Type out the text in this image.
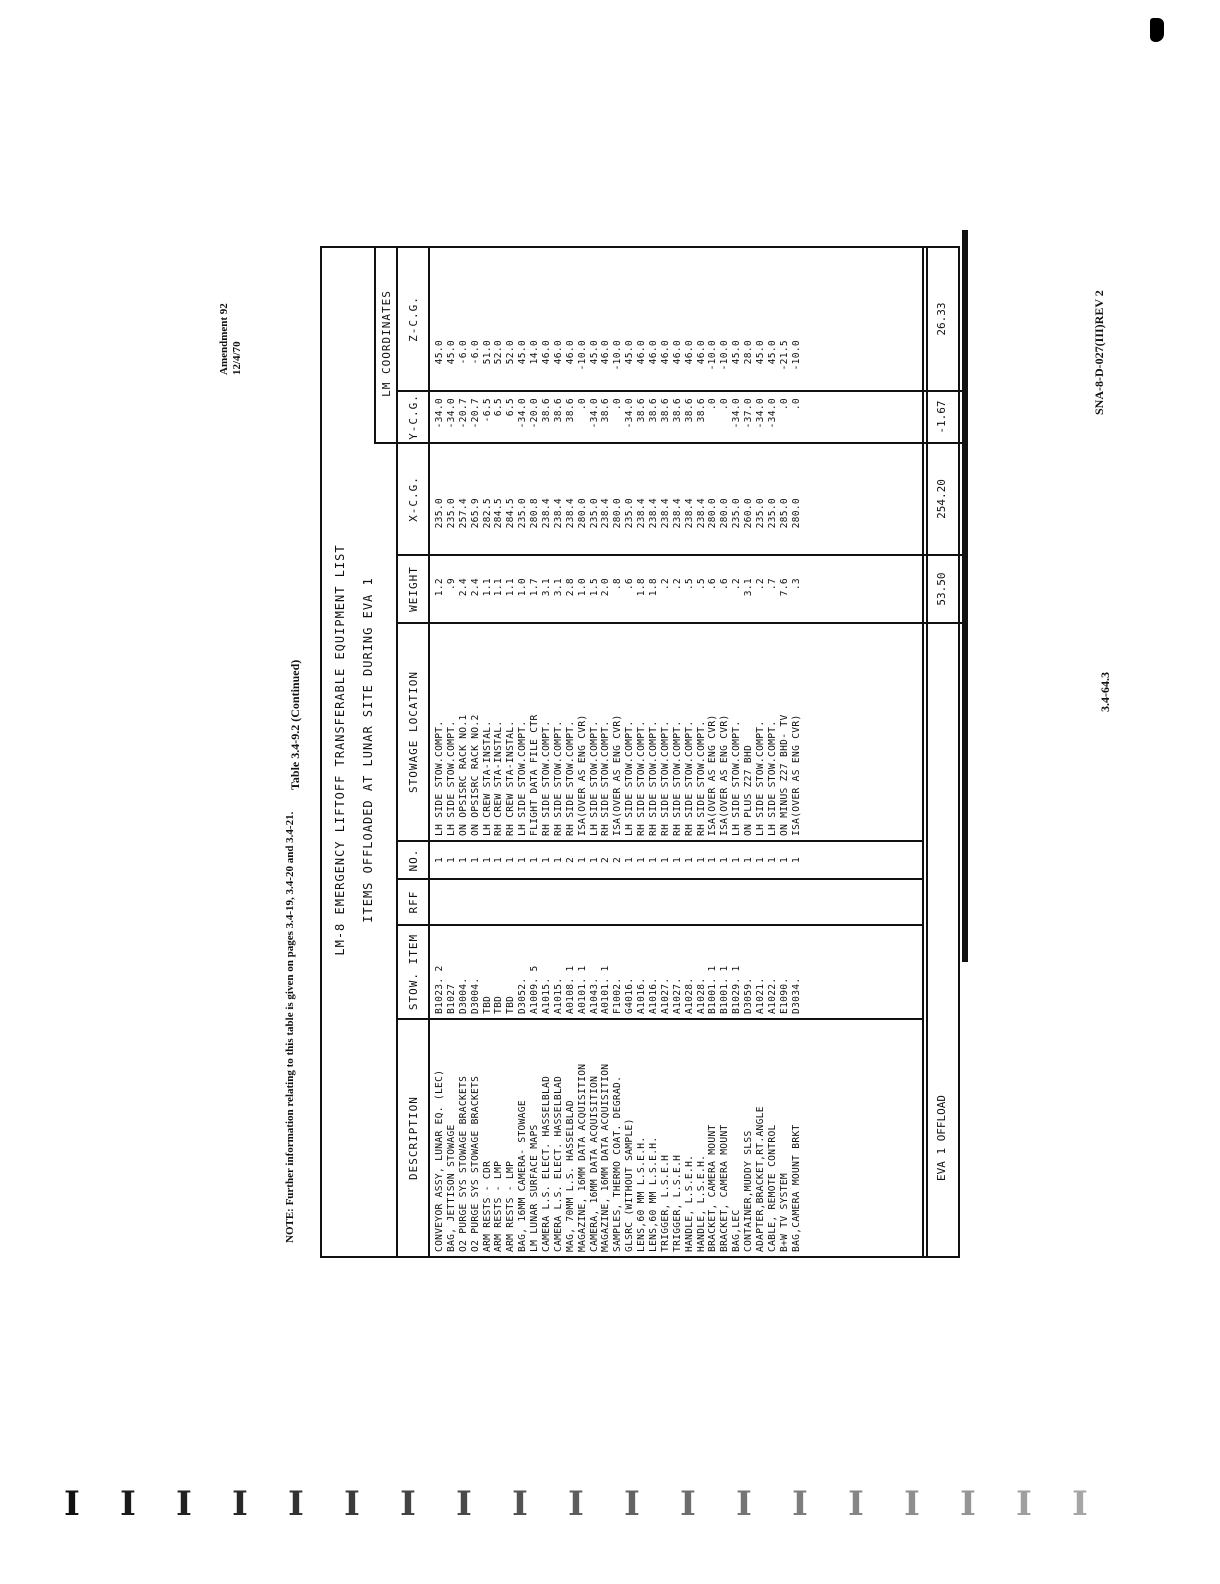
Amendment 92 12/4/70
Table 3.4-9.2 (Continued)
SNA-8-D-027(III)REV 2
3.4-64.3
NOTE: Further information relating to this table is given on pages 3.4-19, 3.4-20 and 3.4-21.
LM-8 EMERGENCY LIFTOFF TRANSFERABLE EQUIPMENT LIST	ITEMS OFFLOADED AT LUNAR SITE DURING EVA 1
LM COORDINATES
DESCRIPTION
STOW. ITEM
RFF
NO.
STOWAGE LOCATION
WEIGHT
X-C.G.
Y-C.G.
Z-C.G.
CONVEYOR ASSY, LUNAR EQ. (LEC) BAG, JETTISON STOWAGE O2 PURGE SYS STOWAGE BRACKETS O2 PURGE SYS STOWAGE BRACKETS ARM RESTS - CDR ARM RESTS - LMP ARM RESTS - LMP BAG, 16MM CAMERA- STOWAGE LM LUNAR SURFACE MAPS CAMERA L.S. ELECT. HASSELBLAD CAMERA L.S. ELECT. HASSELBLAD MAG, 70MM L.S. HASSELBLAD MAGAZINE, 16MM DATA ACQUISITION CAMERA, 16MM DATA ACQUISITION MAGAZINE, 16MM DATA ACQUISITION SAMPLES, THERMO COAT. DEGRAD. GLSRC (WITHOUT SAMPLE) LENS,60 MM L.S.E.H. LENS,60 MM L.S.E.H. TRIGGER, L.S.E.H TRIGGER, L.S.E.H HANDLE, L.S.E.H. HANDLE, L.S.E.H. BRACKET, CAMERA MOUNT BRACKET, CAMERA MOUNT BAG,LEC CONTAINER,MUDDY SLSS ADAPTER,BRACKET,RT.ANGLE CABLE, REMOTE CONTROL B+W TV SYSTEM BAG,CAMERA MOUNT BRKT
B1023. 2 B1027 D3004. D3004. TBD TBD TBD D3052. A1009. 5 A1015. A1015. A0108. 1 A0101. 1 A1043. A0101. 1 F1002. G4016. A1016. A1016. A1027. A1027. A1028. A1028. B1001. 1 B1001. 1 B1029. 1 D3059. A1021. A1022. E1090. D3034.
1 1 1 1 1 1 1 1 1 1 1 2 1 1 2 2 1 1 1 1 1 1 1 1 1 1 1 1 1 1 1
LH SIDE STOW.COMPT. LH SIDE STOW.COMPT. ON OPSISRC RACK NO.1 ON OPSISRC RACK NO.2 LH CREW STA-INSTAL. RH CREW STA-INSTAL. RH CREW STA-INSTAL. LH SIDE STOW.COMPT. FLIGHT DATA FILE CTR RH SIDE STOW.COMPT. RH SIDE STOW.COMPT. RH SIDE STOW.COMPT. ISA(OVER AS ENG CVR) LH SIDE STOW.COMPT. RH SIDE STOW.COMPT. ISA(OVER AS ENG CVR) LH SIDE STOW.COMPT. RH SIDE STOW.COMPT. RH SIDE STOW.COMPT. RH SIDE STOW.COMPT. RH SIDE STOW.COMPT. RH SIDE STOW.COMPT. RH SIDE STOW.COMPT. ISA(OVER AS ENG CVR) ISA(OVER AS ENG CVR) LH SIDE STOW.COMPT. ON PLUS Z27 BHD LH SIDE STOW.COMPT. LH SIDE STOW.COMPT. ON MINUS Z27 BHD- TV ISA(OVER AS ENG CVR)
1.2 .9 2.4 2.4 1.1 1.1 1.1 1.0 1.7 3.1 3.1 2.8 1.0 1.5 2.0 .8 .6 1.8 1.8 .2 .2 .5 .5 .6 .6 .2 3.1 .2 .7 7.6 .3
235.0 235.0 257.4 265.9 282.5 284.5 284.5 235.0 280.8 238.4 238.4 238.4 280.0 235.0 238.4 280.0 235.0 238.4 238.4 238.4 238.4 238.4 238.4 280.0 280.0 235.0 260.0 235.0 235.0 285.0 280.0
-34.0 -34.0 -20.7 -20.7 -6.5 6.5 6.5 -34.0 -20.0 38.6 38.6 38.6 .0 -34.0 38.6 .0 -34.0 38.6 38.6 38.6 38.6 38.6 38.6 .0 .0 -34.0 -37.0 -34.0 -34.0 .0 .0
45.0 45.0 -6.0 -6.0 51.0 52.0 52.0 45.0 14.0 46.0 46.0 46.0 -10.0 45.0 46.0 -10.0 45.0 46.0 46.0 46.0 46.0 46.0 46.0 -10.0 -10.0 45.0 28.0 45.0 45.0 -21.5 -10.0
EVA 1 OFFLOAD
53.50
254.20
-1.67
26.33
I I I I I I I I I I I I I I I I I I I
